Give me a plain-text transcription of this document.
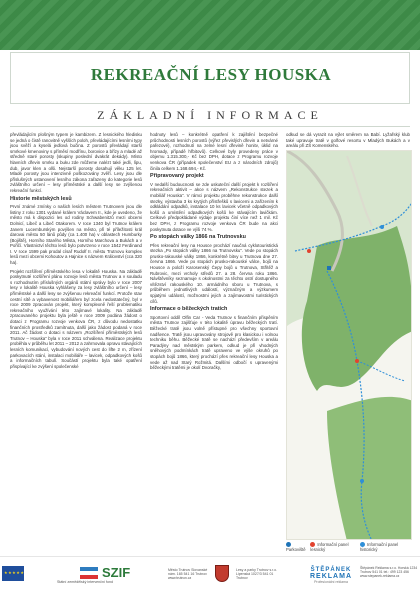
REKREAČNÍ LESY HOUSKA
ZÁKLADNÍ INFORMACE

převládajícím plošným typem je kambizem. Z lesnického hledisku se jedná o čistě ranovitně vyšších poloh, převládajícími lesními typy jsou svěží a kyselá jedlová bučina. Z porostů převládají starší smrkové kmenoviny s příměsí modřínu, borovice a břízy a mladé až středně staré porosty (skupiny poslední dvakrát dekády). Místo hlavních dřevin smrku a buku zde můžeme nalézt také jedli, lípu, dub, javor klen a olši. Nejstarší porosty dosahují věku 125 let. Mladé porosty jsou intenzivně poškozovány zvěří. Lesy jsou dle příslušných ustanovení lesního zákona zařazeny do kategorie lesů zvláštního určení – lesy příměstské a další lesy se zvýšenou rekreační funkcí.

Historie městských lesů

První známé zmínky o našich lesích městem Trutnovem jsou dle listiny z roku 1301 vydané králem Václavem II., kde je uvedeno, že město má k dispozici les od rodiny Schwabenitzů mezi obcemi Dolnicí, Libeč a Libeč Otakorem. V roce 1340 byl Trutnov králem Janem Lucemburským povýšen na město, při té příležitosti král darovai městu 50 lánů půdy (ca 1.400 ha) v oblastech Humburky (Bojiště), Horního Starého Města, Horního Marchova a Bukách a v Pořičí. Vlastnictví těchto lesů bylo potvrzeno v roce 1542 Ferdinand I. V roce 1599 pak prodal císař Rudolf II. městu Trutnovu komplex lesů mezi obcemi Kohoutov a Hajnice s názvem Království (cca 320 ha).

Projekt rozšíření příměstského lesa v lokalitě Houska. Na základě poskytnuté rozšíření plánu rozvoje lesů města Trutnov a v souladu s rozhodnutím příslušných orgánů státní správy bylo v roce 2007 lesy v lokalitě Houska vyhlášeny za lesy zvláštního určení – lesy příměstské a další lesy se zvýšenou rekreační funkcí. Protože stav cestní sítě a vybavenost mobiliářem byl zcela nedostatečný, byl v roce 2009 zpracován projekt, který komplexně řeší problematiku rekreačního využívání této zajímavé lokality. Na základě zpracovaného projektu byla ještě v roce 2009 podána žádost o dotaci z Programu rozvoje venkova ČR, z důvodu nedostatku finančních prostředků zamítnuta, další jako žádost podaná v roce 2011. Ač žádost o dotaci s názvem „Rozšíření příměstských lesů Trutnov – Houska“ byla v roce 2011 schválena. Realizace projektu proběhla v průběhu let 2011 – 2012 a zahrnovala opravu stávajících lesních komunikací, vybudování nových cest do lifte 2 m, zřízení parkovacích stání, instalaci mobiliáře – lavicek, odpadkových košů a informačních tabulí. Součástí projektu byla také opatření přispívající ke zvýšení společenské

hodnoty lesů – konkrétně opatření k zajištění bezpečné průchodnosti lesních porostů (výřez převislých dřevin a netvárné pařezové), rozhodnutí na zelné lesní dřevině honitv, úklid na hromady, případě hřbitovů). Celkové byly provedeny práce v objemu 1.315.300,- Kč bez DPH, dotace z Programu rozvoje venkova ČR (případek společenství EU a z národních zdrojů) činila celkem 1.168.694,- Kč.

Připravovaný projekt

V nedalší budoucnosti se zde uskuteční další projekt k rozšíření rekreačních aktivit – akce s názvem „Rekonstrukce stezek a mobiliář Houska“. V rámci projektu proběhne rekonstrukce další stezky, výstavba 3 ks krytých přístřešků s lavicemi a zařízením k odkládání odpadků, instalace 10 ks lavicek včetně odpadkových košů a umístění odpadkových košů ke stávajícím lavičkám. Celkové předpokládané výdaje projektu činí více než 1 mil. Kč bez DPH, z Programu rozvoje venkova ČR bude na akci poskytnuta dotace ve výši 74 %.

Po stopách války 1866 na Trutnovsku

Přes rekreační lesy na Housce prochází naučná cyklotouristická stezka „Po stopách války 1866 na Trutnovsku“. Vede po stopách prusko-rakouské války 1866, konkrétně bitvy u Trutnova dne 27. června 1866. Vede po stopách prusko-rakouské válce, bojů na Housce a položí Karosenský Čepy bojů u Trutnova, Střítěž a Rubrovic, mezi vrcholy středů 27. a 28. června roku 1866. Návštěvníky seznamuje s okolnostmi za těchto ostrí dostupného vítězství rakouského 10. armádního sboru u Trutnova, s průběhem jednotlivých událostí, význačným a výzkumem spjatými událostí, možnostmi jejich a zajímavostmi turistických cílů.

Informace o běžeckých tratích

Sportovní oddíl Olfin Car - Veda Trutnov s finančním přispěním města Trutnov zajišťuje v této lokalitě úpravu běžeckých tratí. Běžecké tratě jsou volně přístupné pro všechny sportovní nadšence. Tratě jsou upravovány strojově pro klasickou i volnou techniku běhu. Běžecké tratě se nachází především v areálu Paradýny nad městským parkem, odkud je při vhodných sněhových podmínkách tratě upraveno ve výše okruhů po stopách bojů 1866, který prochází přes rekreační lesy Houska a vede až nad Starý Rožmitá. Dalšími odbočí s upravenými běžeckými tratěmi je okolí Dvoračky,

odkud se dá vyrazit na výlet směrem na Babí. Lyžařský klub také upravuje tratě v golfové resortu v Mladých Bukách a v areálu při ZŠ Komenského.

Parkoviště
Informační panel lesnický
Informační panel historický
★★★★★
SZIF
Státní zemědělský intervenční fond
Město Trutnov Slovanské nám. 165 541 16 Trutnov www.trutnov.cz
Lesy a parky Trutnov s.r.o. Lipenská 1027/3 541 01 Trutnov
ŠTĚPÁNEK
REKLAMA
Profesionální reklama
Štěpánek Reklama s.r.o. Horská 1234 Trutnov 541 01 tel.: 499 123 456 www.stepanek-reklama.cz
